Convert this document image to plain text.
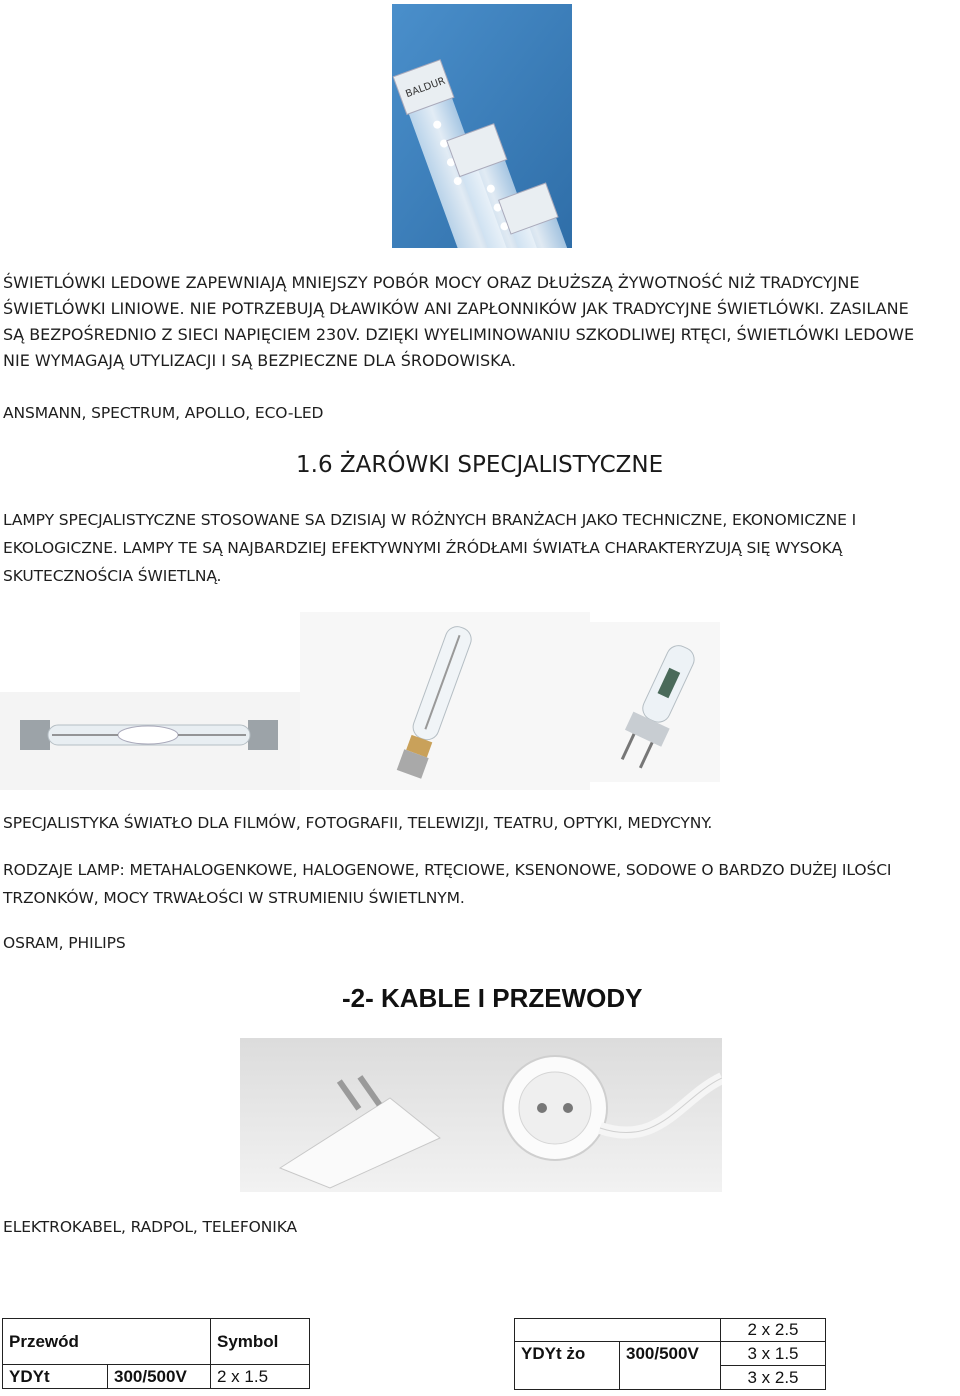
BALDUR
ŚWIETLÓWKI LEDOWE ZAPEWNIAJĄ MNIEJSZY POBÓR MOCY ORAZ DŁUŻSZĄ ŻYWOTNOŚĆ NIŻ TRADYCYJNE
ŚWIETLÓWKI LINIOWE. NIE POTRZEBUJĄ DŁAWIKÓW ANI ZAPŁONNIKÓW JAK TRADYCYJNE ŚWIETLÓWKI. ZASILANE
SĄ BEZPOŚREDNIO Z SIECI NAPIĘCIEM 230V. DZIĘKI WYELIMINOWANIU SZKODLIWEJ RTĘCI, ŚWIETLÓWKI LEDOWE
NIE WYMAGAJĄ UTYLIZACJI I SĄ BEZPIECZNE DLA ŚRODOWISKA.
ANSMANN, SPECTRUM, APOLLO, ECO-LED
1.6 ŻARÓWKI SPECJALISTYCZNE
LAMPY SPECJALISTYCZNE STOSOWANE SA DZISIAJ W RÓŻNYCH BRANŻACH JAKO TECHNICZNE, EKONOMICZNE I
EKOLOGICZNE. LAMPY TE SĄ NAJBARDZIEJ EFEKTYWNYMI ŹRÓDŁAMI ŚWIATŁA CHARAKTERYZUJĄ SIĘ WYSOKĄ
SKUTECZNOŚCIA ŚWIETLNĄ.
SPECJALISTYKA ŚWIATŁO DLA FILMÓW, FOTOGRAFII, TELEWIZJI, TEATRU, OPTYKI, MEDYCYNY.
RODZAJE LAMP: METAHALOGENKOWE, HALOGENOWE, RTĘCIOWE, KSENONOWE, SODOWE O BARDZO DUŻEJ ILOŚCI
TRZONKÓW, MOCY TRWAŁOŚCI W STRUMIENIU ŚWIETLNYM.
OSRAM, PHILIPS
-2- KABLE I PRZEWODY
ELEKTROKABEL, RADPOL, TELEFONIKA
Przewód		Symbol
YDYt	300/500V	2 x 1.5
		2 x 2.5
YDYt żo	300/500V	3 x 1.5
		3 x 2.5
